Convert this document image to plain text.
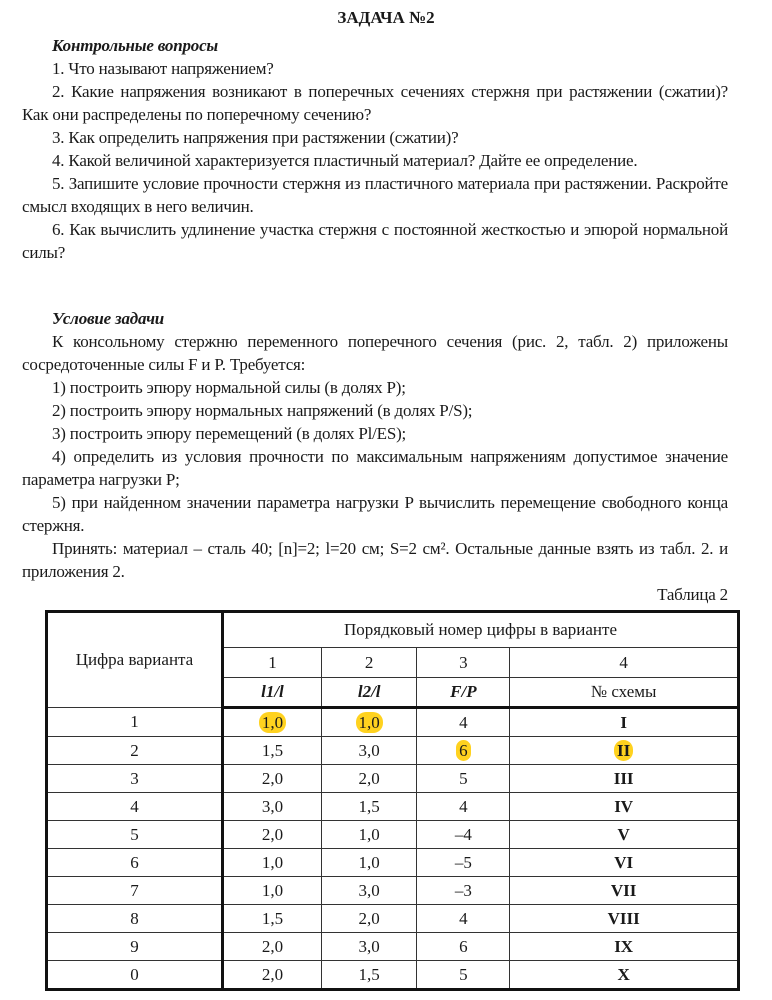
ЗАДАЧА №2
Контрольные вопросы

1. Что называют напряжением?

2. Какие напряжения возникают в поперечных сечениях стержня при растяжении (сжатии)? Как они распределены по поперечному сечению?

3. Как определить напряжения при растяжении (сжатии)?

4. Какой величиной характеризуется пластичный материал? Дайте ее определение.

5. Запишите условие прочности стержня из пластичного материала при растяжении. Раскройте смысл входящих в него величин.

6. Как вычислить удлинение участка стержня с постоянной жесткостью и эпюрой нормальной силы?

Условие задачи

К консольному стержню переменного поперечного сечения (рис. 2, табл. 2) приложены сосредоточенные силы F и P. Требуется:

1) построить эпюру нормальной силы (в долях P);

2) построить эпюру нормальных напряжений (в долях P/S);

3) построить эпюру перемещений (в долях Pl/ES);

4) определить из условия прочности по максимальным напряжениям допустимое значение параметра нагрузки P;

5) при найденном значении параметра нагрузки P вычислить перемещение свободного конца стержня.

Принять: материал – сталь 40; [n]=2; l=20 см; S=2 см². Остальные данные взять из табл. 2. и приложения 2.

Таблица 2
Цифра варианта	Порядковый номер цифры в варианте			
	1	2	3	4
	l1/l	l2/l	F/P	№ схемы
1	1,0	1,0	4	I
2	1,5	3,0	6	II
3	2,0	2,0	5	III
4	3,0	1,5	4	IV
5	2,0	1,0	–4	V
6	1,0	1,0	–5	VI
7	1,0	3,0	–3	VII
8	1,5	2,0	4	VIII
9	2,0	3,0	6	IX
0	2,0	1,5	5	X
